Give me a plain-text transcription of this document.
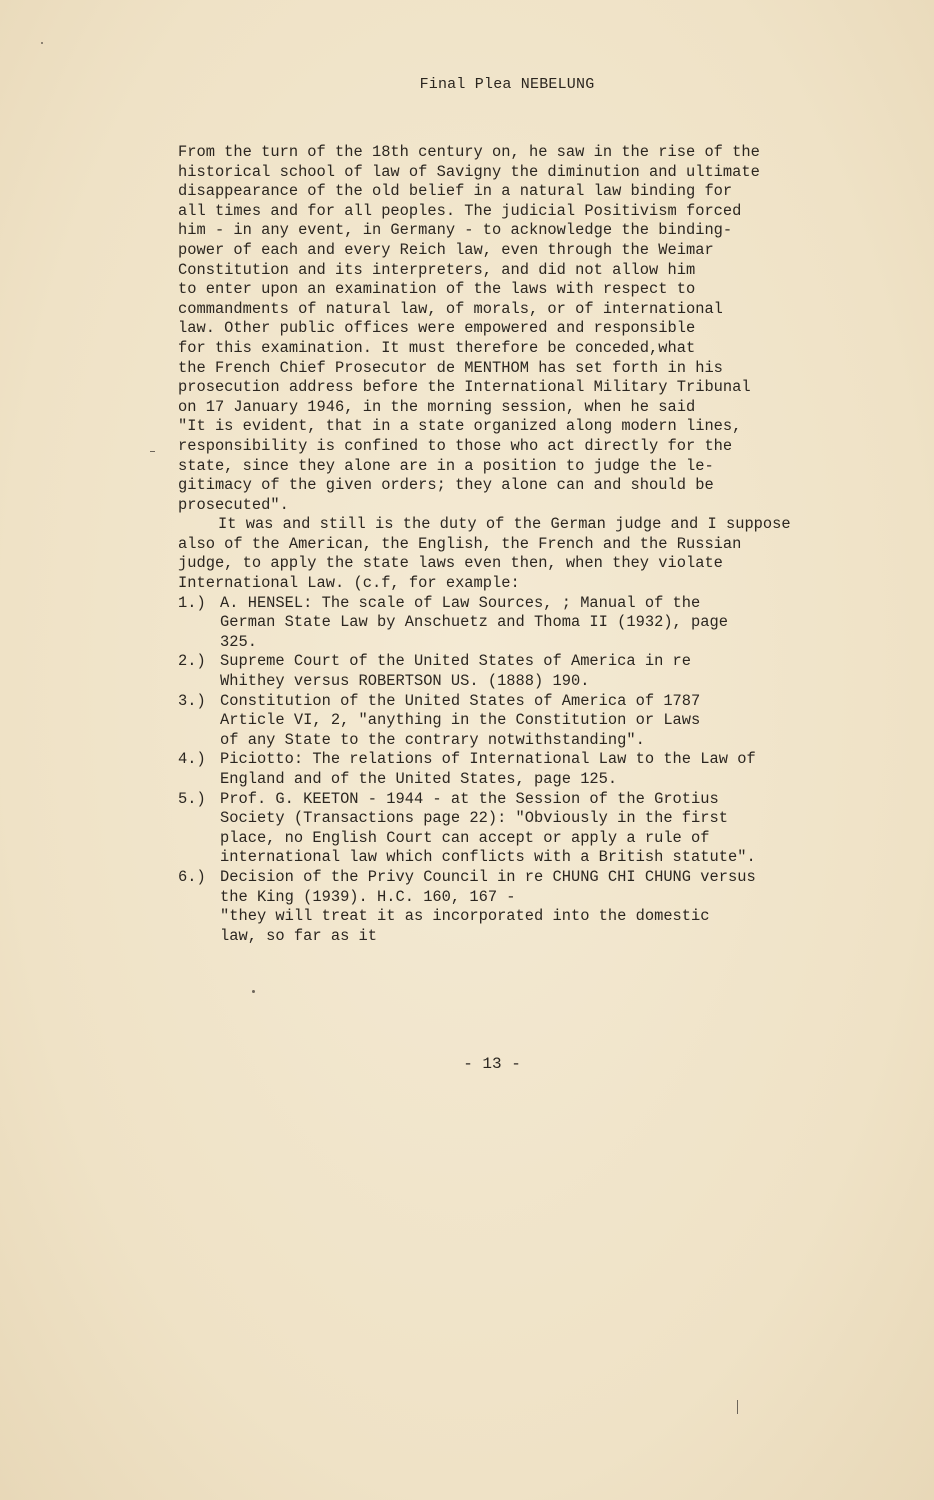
Final Plea NEBELUNG
From the turn of the 18th century on, he saw in the rise of the
historical school of law of Savigny the diminution and ultimate
disappearance of the old belief in a natural law binding for
all times and for all peoples. The judicial Positivism forced
him - in any event, in Germany - to acknowledge the binding-
power of each and every Reich law, even through the Weimar
Constitution and its interpreters, and did not allow him
to enter upon an examination of the laws with respect to
commandments of natural law, of morals, or of international
law. Other public offices were empowered and responsible
for this examination. It must therefore be conceded,what
the French Chief Prosecutor de MENTHOM has set forth in his
prosecution address before the International Military Tribunal
on 17 January 1946, in the morning session, when he said
"It is evident, that in a state organized along modern lines,
responsibility is confined to those who act directly for the
state, since they alone are in a position to judge the le-
gitimacy of the given orders; they alone can and should be
prosecuted".
It was and still is the duty of the German judge and I suppose
also of the American, the English, the French and the Russian
judge, to apply the state laws even then, when they violate
International Law. (c.f, for example:
1.) A. HENSEL: The scale of Law Sources, ; Manual of the
German State Law by Anschuetz and Thoma II (1932), page
325.
2.) Supreme Court of the United States of America in re
Whithey versus ROBERTSON US. (1888) 190.
3.) Constitution of the United States of America of 1787
Article VI, 2, "anything in the Constitution or Laws
of any State to the contrary notwithstanding".
4.) Piciotto: The relations of International Law to the Law of
England and of the United States, page 125.
5.) Prof. G. KEETON - 1944 - at the Session of the Grotius
Society (Transactions page 22): "Obviously in the first
place, no English Court can accept or apply a rule of
international law which conflicts with a British statute".
6.) Decision of the Privy Council in re CHUNG CHI CHUNG versus
the King (1939). H.C. 160, 167 -
"they will treat it as incorporated into the domestic
law, so far as it
- 13 -
